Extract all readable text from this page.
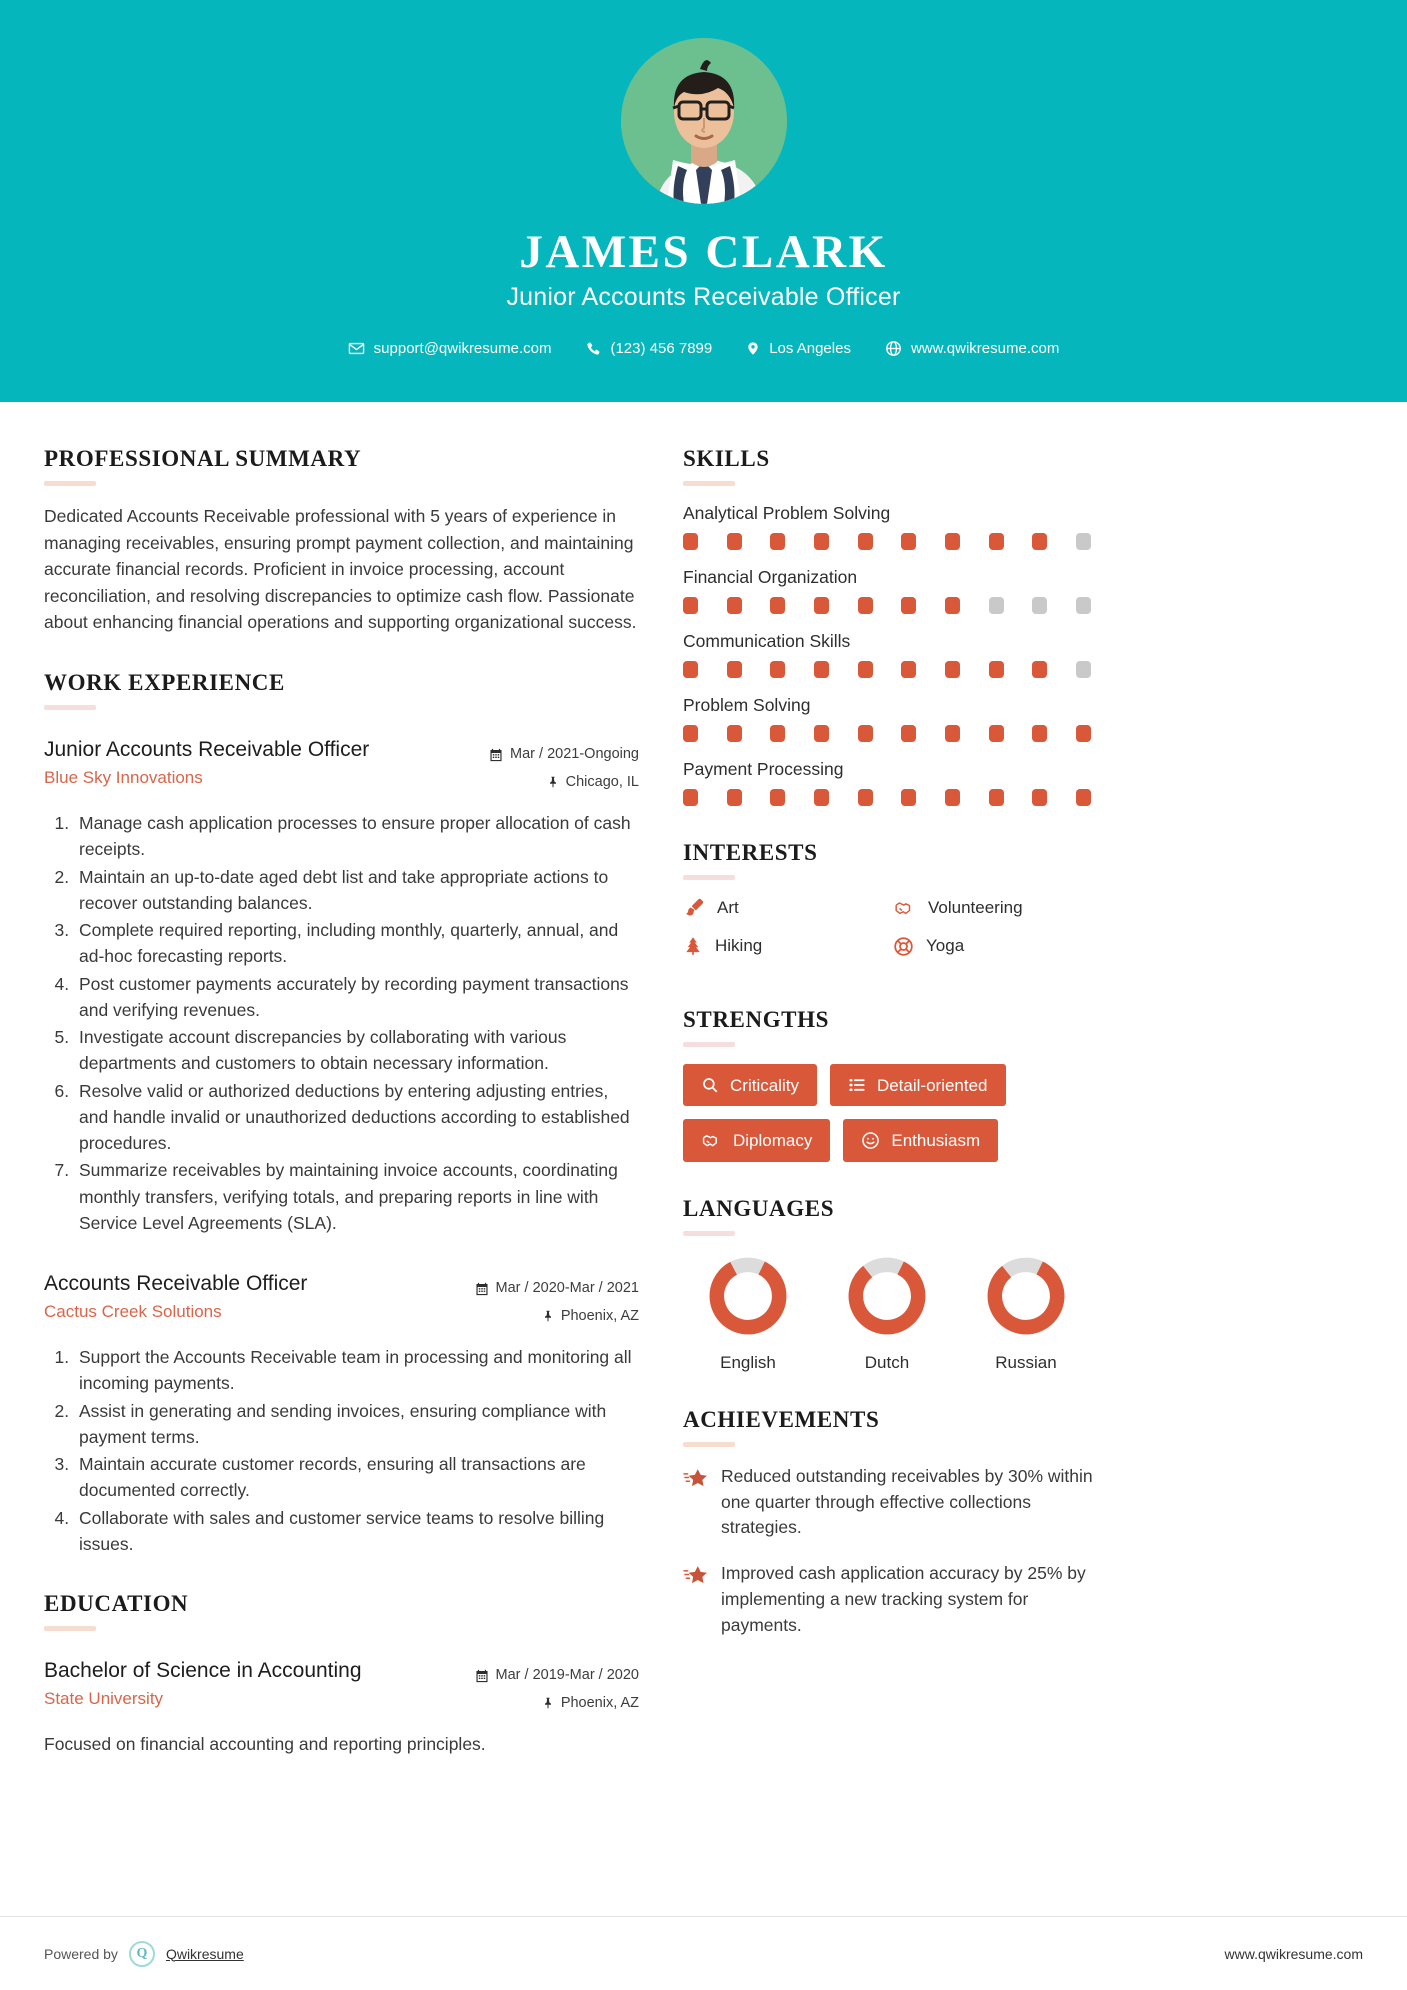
JAMES CLARK
Junior Accounts Receivable Officer
support@qwikresume.com	(123) 456 7899	Los Angeles	www.qwikresume.com
PROFESSIONAL SUMMARY

Dedicated Accounts Receivable professional with 5 years of experience in managing receivables, ensuring prompt payment collection, and maintaining accurate financial records. Proficient in invoice processing, account reconciliation, and resolving discrepancies to optimize cash flow. Passionate about enhancing financial operations and supporting organizational success.

WORK EXPERIENCE
Junior Accounts Receivable Officer
Blue Sky Innovations
Mar / 2021-Ongoing
Chicago, IL
1. Manage cash application processes to ensure proper allocation of cash receipts.
2. Maintain an up-to-date aged debt list and take appropriate actions to recover outstanding balances.
3. Complete required reporting, including monthly, quarterly, annual, and ad-hoc forecasting reports.
4. Post customer payments accurately by recording payment transactions and verifying revenues.
5. Investigate account discrepancies by collaborating with various departments and customers to obtain necessary information.
6. Resolve valid or authorized deductions by entering adjusting entries, and handle invalid or unauthorized deductions according to established procedures.
7. Summarize receivables by maintaining invoice accounts, coordinating monthly transfers, verifying totals, and preparing reports in line with Service Level Agreements (SLA).
Accounts Receivable Officer
Cactus Creek Solutions
Mar / 2020-Mar / 2021
Phoenix, AZ
1. Support the Accounts Receivable team in processing and monitoring all incoming payments.
2. Assist in generating and sending invoices, ensuring compliance with payment terms.
3. Maintain accurate customer records, ensuring all transactions are documented correctly.
4. Collaborate with sales and customer service teams to resolve billing issues.
EDUCATION
Bachelor of Science in Accounting
State University
Mar / 2019-Mar / 2020
Phoenix, AZ
Focused on financial accounting and reporting principles.
SKILLS
Analytical Problem Solving
Financial Organization
Communication Skills
Problem Solving
Payment Processing
INTERESTS
Art	Volunteering
Hiking	Yoga
STRENGTHS
Criticality	Detail-oriented
Diplomacy	Enthusiasm
LANGUAGES
English	Dutch	Russian
ACHIEVEMENTS
Reduced outstanding receivables by 30% within one quarter through effective collections strategies.
Improved cash application accuracy by 25% by implementing a new tracking system for payments.
Powered by	Q	Qwikresume	www.qwikresume.com
